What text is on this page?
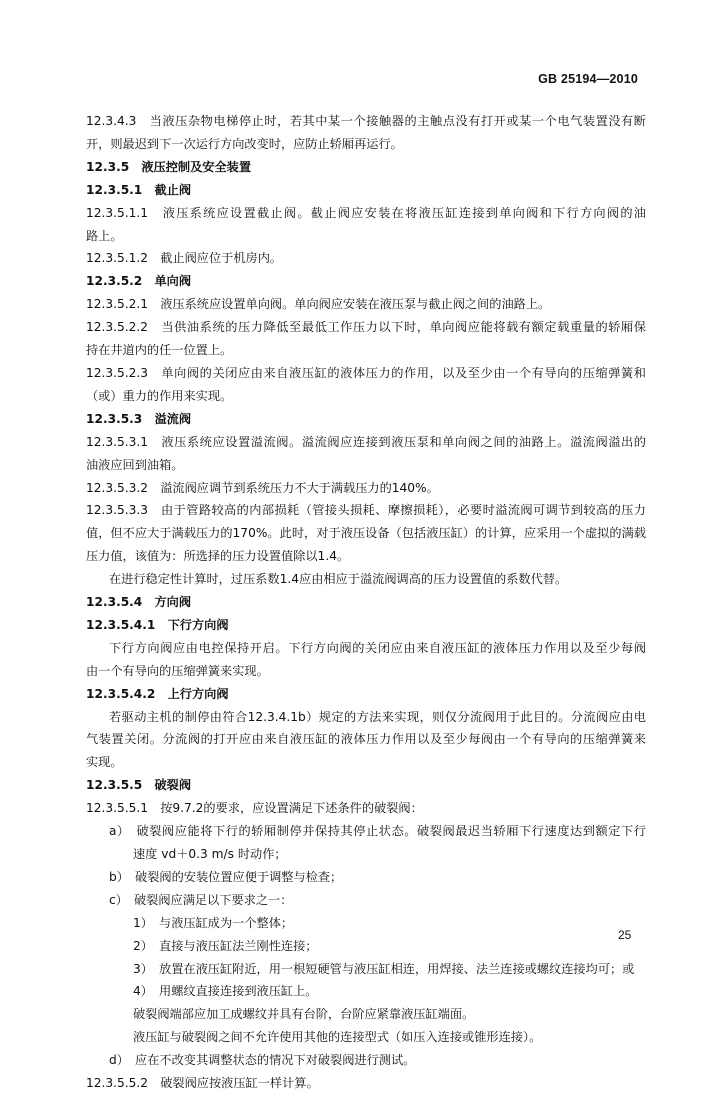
GB 25194—2010
12.3.4.3　当液压杂物电梯停止时，若其中某一个接触器的主触点没有打开或某一个电气装置没有断
开，则最迟到下一次运行方向改变时，应防止轿厢再运行。
12.3.5　液压控制及安全装置
12.3.5.1　截止阀
12.3.5.1.1　液压系统应设置截止阀。截止阀应安装在将液压缸连接到单向阀和下行方向阀的油
路上。
12.3.5.1.2　截止阀应位于机房内。
12.3.5.2　单向阀
12.3.5.2.1　液压系统应设置单向阀。单向阀应安装在液压泵与截止阀之间的油路上。
12.3.5.2.2　当供油系统的压力降低至最低工作压力以下时，单向阀应能将载有额定载重量的轿厢保
持在井道内的任一位置上。
12.3.5.2.3　单向阀的关闭应由来自液压缸的液体压力的作用，以及至少由一个有导向的压缩弹簧和
（或）重力的作用来实现。
12.3.5.3　溢流阀
12.3.5.3.1　液压系统应设置溢流阀。溢流阀应连接到液压泵和单向阀之间的油路上。溢流阀溢出的
油液应回到油箱。
12.3.5.3.2　溢流阀应调节到系统压力不大于满载压力的140%。
12.3.5.3.3　由于管路较高的内部损耗（管接头损耗、摩擦损耗），必要时溢流阀可调节到较高的压力
值，但不应大于满载压力的170%。此时，对于液压设备（包括液压缸）的计算，应采用一个虚拟的满载
压力值，该值为：所选择的压力设置值除以1.4。
在进行稳定性计算时，过压系数1.4应由相应于溢流阀调高的压力设置值的系数代替。
12.3.5.4　方向阀
12.3.5.4.1　下行方向阀
下行方向阀应由电控保持开启。下行方向阀的关闭应由来自液压缸的液体压力作用以及至少每阀
由一个有导向的压缩弹簧来实现。
12.3.5.4.2　上行方向阀
若驱动主机的制停由符合12.3.4.1b）规定的方法来实现，则仅分流阀用于此目的。分流阀应由电
气装置关闭。分流阀的打开应由来自液压缸的液体压力作用以及至少每阀由一个有导向的压缩弹簧来
实现。
12.3.5.5　破裂阀
12.3.5.5.1　按9.7.2的要求，应设置满足下述条件的破裂阀：
a）　破裂阀应能将下行的轿厢制停并保持其停止状态。破裂阀最迟当轿厢下行速度达到额定下行
速度 vd＋0.3 m/s 时动作；
b）　破裂阀的安装位置应便于调整与检查；
c）　破裂阀应满足以下要求之一：
1）　与液压缸成为一个整体；
2）　直接与液压缸法兰刚性连接；
3）　放置在液压缸附近，用一根短硬管与液压缸相连，用焊接、法兰连接或螺纹连接均可；或
4）　用螺纹直接连接到液压缸上。
破裂阀端部应加工成螺纹并具有台阶，台阶应紧靠液压缸端面。
液压缸与破裂阀之间不允许使用其他的连接型式（如压入连接或锥形连接）。
d）　应在不改变其调整状态的情况下对破裂阀进行测试。
12.3.5.5.2　破裂阀应按液压缸一样计算。
25
